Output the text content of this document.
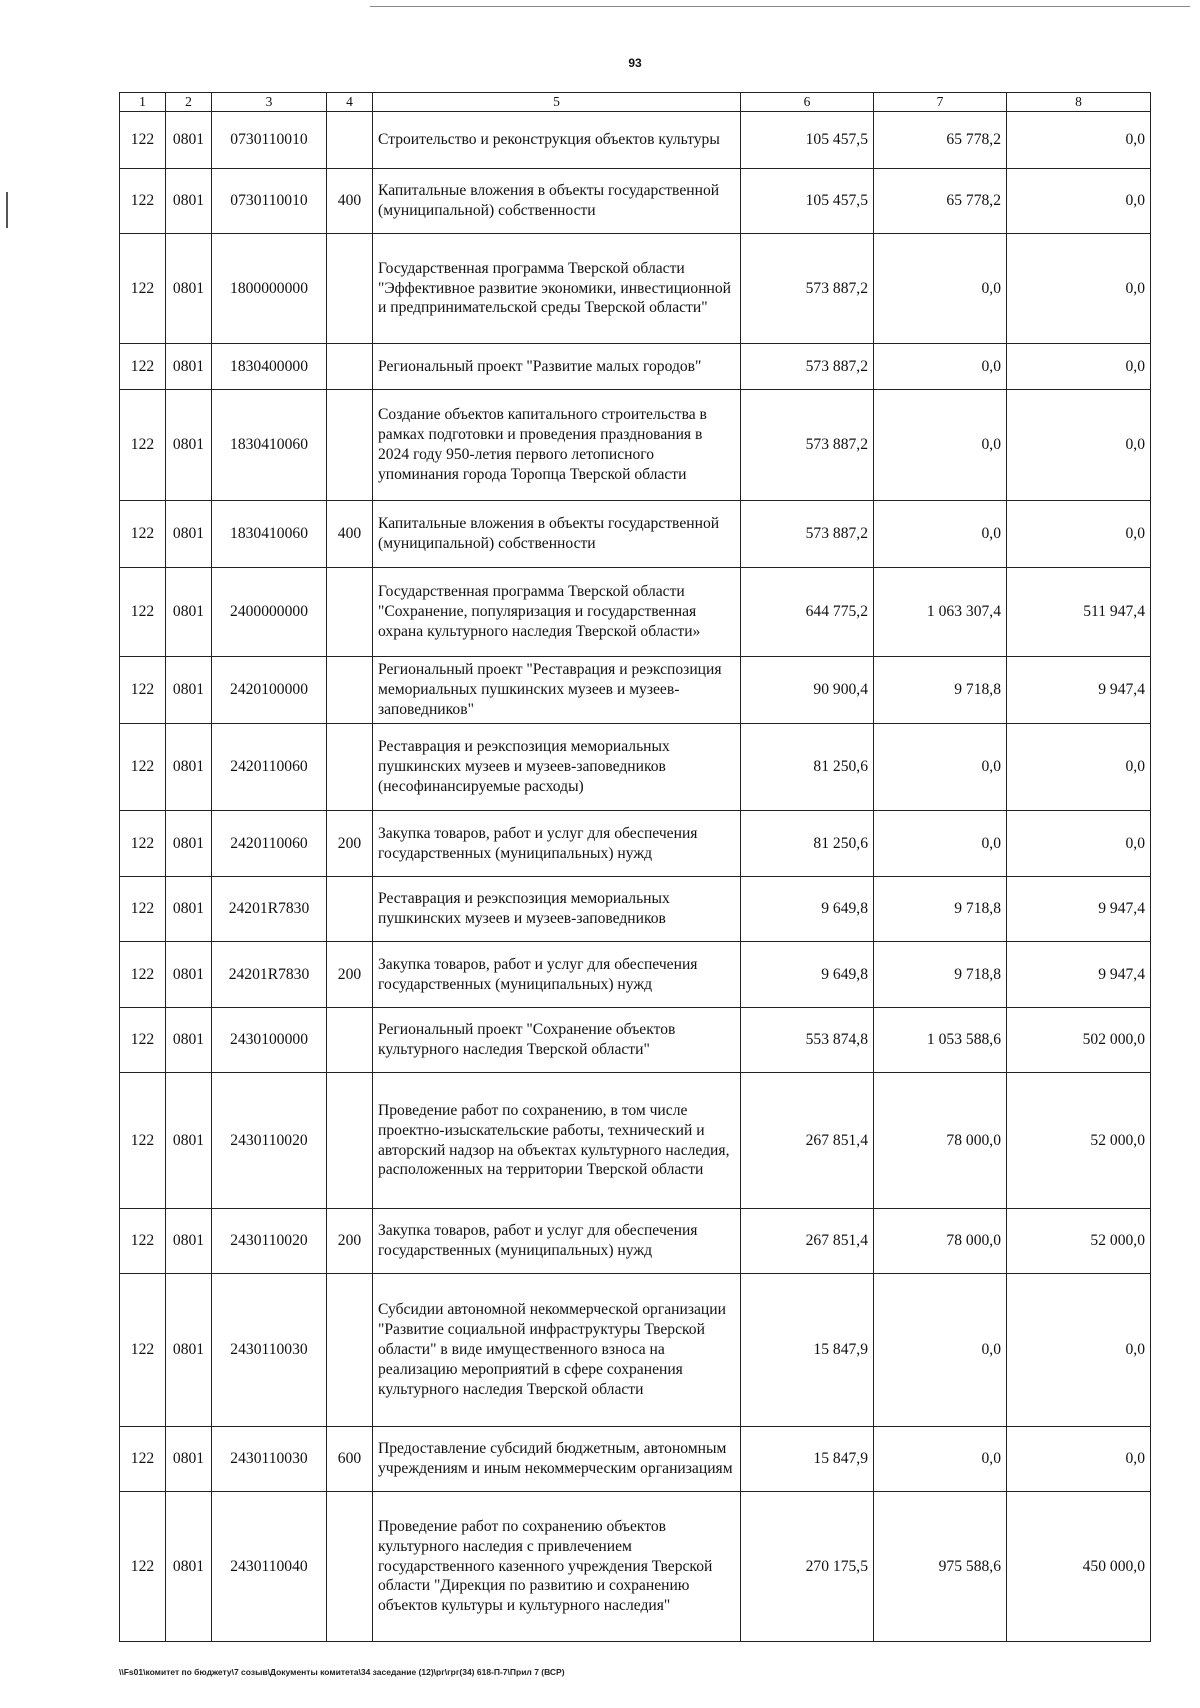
93
1	2	3	4	5	6	7	8
122	0801	0730110010		Строительство и реконструкция объектов культуры	105 457,5	65 778,2	0,0
122	0801	0730110010	400	Капитальные вложения в объекты государственной (муниципальной) собственности	105 457,5	65 778,2	0,0
122	0801	1800000000		Государственная программа Тверской области "Эффективное развитие экономики, инвестиционной и предпринимательской среды Тверской области"	573 887,2	0,0	0,0
122	0801	1830400000		Региональный проект "Развитие малых городов"	573 887,2	0,0	0,0
122	0801	1830410060		Создание объектов капитального строительства в рамках подготовки и проведения празднования в 2024 году 950-летия первого летописного упоминания города Торопца Тверской области	573 887,2	0,0	0,0
122	0801	1830410060	400	Капитальные вложения в объекты государственной (муниципальной) собственности	573 887,2	0,0	0,0
122	0801	2400000000		Государственная программа Тверской области "Сохранение, популяризация и государственная охрана культурного наследия Тверской области»	644 775,2	1 063 307,4	511 947,4
122	0801	2420100000		Региональный проект "Реставрация и реэкспозиция мемориальных пушкинских музеев и музеев-заповедников"	90 900,4	9 718,8	9 947,4
122	0801	2420110060		Реставрация и реэкспозиция мемориальных пушкинских музеев и музеев-заповедников (несофинансируемые расходы)	81 250,6	0,0	0,0
122	0801	2420110060	200	Закупка товаров, работ и услуг для обеспечения государственных (муниципальных) нужд	81 250,6	0,0	0,0
122	0801	24201R7830		Реставрация и реэкспозиция мемориальных пушкинских музеев и музеев-заповедников	9 649,8	9 718,8	9 947,4
122	0801	24201R7830	200	Закупка товаров, работ и услуг для обеспечения государственных (муниципальных) нужд	9 649,8	9 718,8	9 947,4
122	0801	2430100000		Региональный проект "Сохранение объектов культурного наследия Тверской области"	553 874,8	1 053 588,6	502 000,0
122	0801	2430110020		Проведение работ по сохранению, в том числе проектно-изыскательские работы, технический и авторский надзор на объектах культурного наследия, расположенных на территории Тверской области	267 851,4	78 000,0	52 000,0
122	0801	2430110020	200	Закупка товаров, работ и услуг для обеспечения государственных (муниципальных) нужд	267 851,4	78 000,0	52 000,0
122	0801	2430110030		Субсидии автономной некоммерческой организации "Развитие социальной инфраструктуры Тверской области" в виде имущественного взноса на реализацию мероприятий в сфере сохранения культурного наследия Тверской области	15 847,9	0,0	0,0
122	0801	2430110030	600	Предоставление субсидий бюджетным, автономным учреждениям и иным некоммерческим организациям	15 847,9	0,0	0,0
122	0801	2430110040		Проведение работ по сохранению объектов культурного наследия с привлечением государственного казенного учреждения Тверской области "Дирекция по развитию и сохранению объектов культуры и культурного наследия"	270 175,5	975 588,6	450 000,0
\\Fs01\комитет по бюджету\7 созыв\Документы комитета\34 заседание (12)\рг\грг(34) 618-П-7\Прил 7 (ВСР)
